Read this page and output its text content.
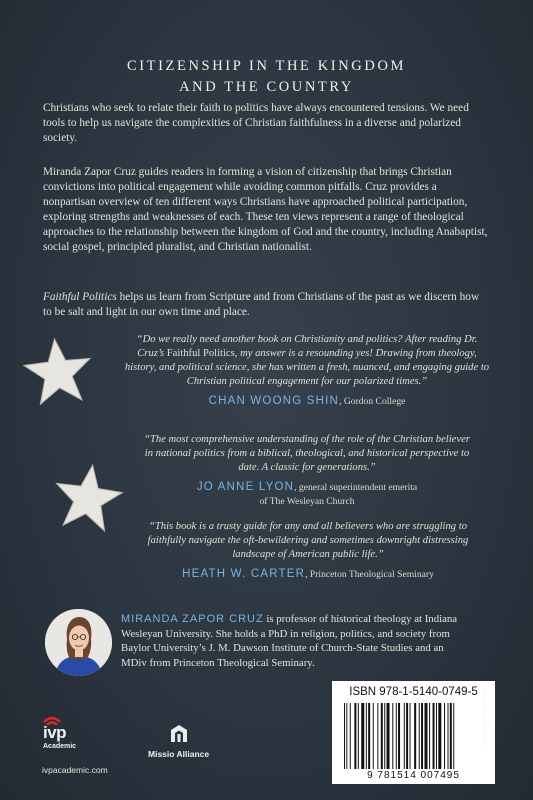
CITIZENSHIP IN THE KINGDOM
AND THE COUNTRY

Christians who seek to relate their faith to politics have always encountered tensions. We need tools to help us navigate the complexities of Christian faithfulness in a diverse and polarized society.

Miranda Zapor Cruz guides readers in forming a vision of citizenship that brings Christian convictions into political engagement while avoiding common pitfalls. Cruz provides a nonpartisan overview of ten different ways Christians have approached political participation, exploring strengths and weaknesses of each. These ten views represent a range of theological approaches to the relationship between the kingdom of God and the country, including Anabaptist, social gospel, principled pluralist, and Christian nationalist.

Faithful Politics helps us learn from Scripture and from Christians of the past as we discern how to be salt and light in our own time and place.

“Do we really need another book on Christianity and politics? After reading Dr. Cruz’s Faithful Politics, my answer is a resounding yes! Drawing from theology, history, and political science, she has written a fresh, nuanced, and engaging guide to Christian political engagement for our polarized times.”
CHAN WOONG SHIN, Gordon College
“The most comprehensive understanding of the role of the Christian believer in national politics from a biblical, theological, and historical perspective to date. A classic for generations.”
JO ANNE LYON, general superintendent emerita
of The Wesleyan Church
“This book is a trusty guide for any and all believers who are struggling to faithfully navigate the oft-bewildering and sometimes downright distressing landscape of American public life.”
HEATH W. CARTER, Princeton Theological Seminary
MIRANDA ZAPOR CRUZ is professor of historical theology at Indiana Wesleyan University. She holds a PhD in religion, politics, and society from Baylor University’s J. M. Dawson Institute of Church-State Studies and an MDiv from Princeton Theological Seminary.
ivp
Academic
Missio Alliance
ivpacademic.com
ISBN 978-1-5140-0749-5
9 781514 007495
RELIGION / POLITICS
